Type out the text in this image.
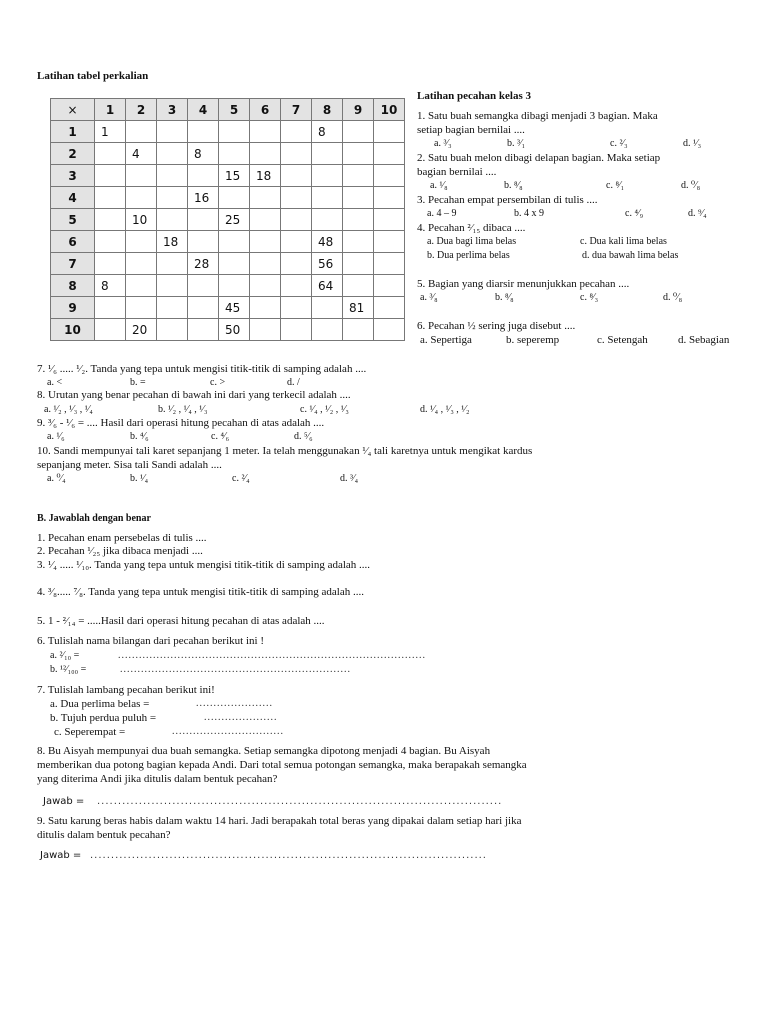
Latihan tabel perkalian
×	1	2	3	4	5	6	7	8	9	10
1	1							8		
2		4		8						
3					15	18				
4				16						
5		10			25					
6			18					48		
7				28				56		
8	8							64		
9					45				81	
10		20			50					
Latihan pecahan kelas 3
1. Satu buah semangka dibagi menjadi 3 bagian. Maka
setiap bagian bernilai ....
a. ³⁄₃	b. ³⁄₁	c. ²⁄₃	d. ¹⁄₃
2. Satu buah melon dibagi delapan bagian. Maka setiap
bagian bernilai ....
a. ¹⁄₈	b. ⁸⁄₈	c. ⁸⁄₁	d. ⁰⁄₈
3. Pecahan empat persembilan di tulis ....
a. 4 – 9	b. 4 x 9	c. ⁴⁄₉	d. ⁹⁄₄
4. Pecahan ²⁄₁₅ dibaca ....
a. Dua bagi lima belas	c. Dua kali lima belas
b. Dua perlima belas	d. dua bawah lima belas
5. Bagian yang diarsir menunjukkan pecahan ....
a. ³⁄₈	b. ⁸⁄₈	c. ⁸⁄₃	d. ⁰⁄₈
6. Pecahan ½ sering juga disebut ....
a. Sepertiga	b. seperemp	c. Setengah	d. Sebagian
7. ¹⁄₆ ..... ¹⁄₂. Tanda yang tepa untuk mengisi titik-titik di samping adalah ....
a. <	b. =	c. >	d. /
8. Urutan yang benar pecahan di bawah ini dari yang terkecil adalah ....
a. ¹⁄₂ , ¹⁄₃ , ¹⁄₄	b. ¹⁄₂ , ¹⁄₄ , ¹⁄₃	c. ¹⁄₄ , ¹⁄₂ , ¹⁄₃	d. ¹⁄₄ , ¹⁄₃ , ¹⁄₂
9. ³⁄₆ - ¹⁄₆ = .... Hasil dari operasi hitung pecahan di atas adalah ....
a. ¹⁄₆	b. ⁴⁄₆	c. ⁴⁄₆	d. ⁵⁄₆
10. Sandi mempunyai tali karet sepanjang 1 meter. Ia telah menggunakan ¹⁄₄ tali karetnya untuk mengikat kardus
sepanjang meter. Sisa tali Sandi adalah ....
a. ⁰⁄₄	b. ¹⁄₄	c. ²⁄₄	d. ³⁄₄
B. Jawablah dengan benar
1. Pecahan enam persebelas di tulis ....
2. Pecahan ¹⁄₂₅ jika dibaca menjadi ....
3. ¹⁄₄ ..... ¹⁄₁₀. Tanda yang tepa untuk mengisi titik-titik di samping adalah ....
4. ³⁄₈..... ⁷⁄₈. Tanda yang tepa untuk mengisi titik-titik di samping adalah ....
5. 1 - ²⁄₁₄ = .....Hasil dari operasi hitung pecahan di atas adalah ....
6. Tulislah nama bilangan dari pecahan berikut ini !
a. ²⁄₁₀ =	........................................................................................
b. ¹²⁄₁₀₀ =	..................................................................
7. Tulislah lambang pecahan berikut ini!
a. Dua perlima belas =	......................
b. Tujuh perdua puluh =	.....................
c. Seperempat =	................................
8. Bu Aisyah mempunyai dua buah semangka. Setiap semangka dipotong menjadi 4 bagian. Bu Aisyah
memberikan dua potong bagian kepada Andi. Dari total semua potongan semangka, maka berapakah semangka
yang diterima Andi jika ditulis dalam bentuk pecahan?
Jawab = .................................................................................................
9. Satu karung beras habis dalam waktu 14 hari. Jadi berapakah total beras yang dipakai dalam setiap hari jika
ditulis dalam bentuk pecahan?
Jawab = ...............................................................................................
